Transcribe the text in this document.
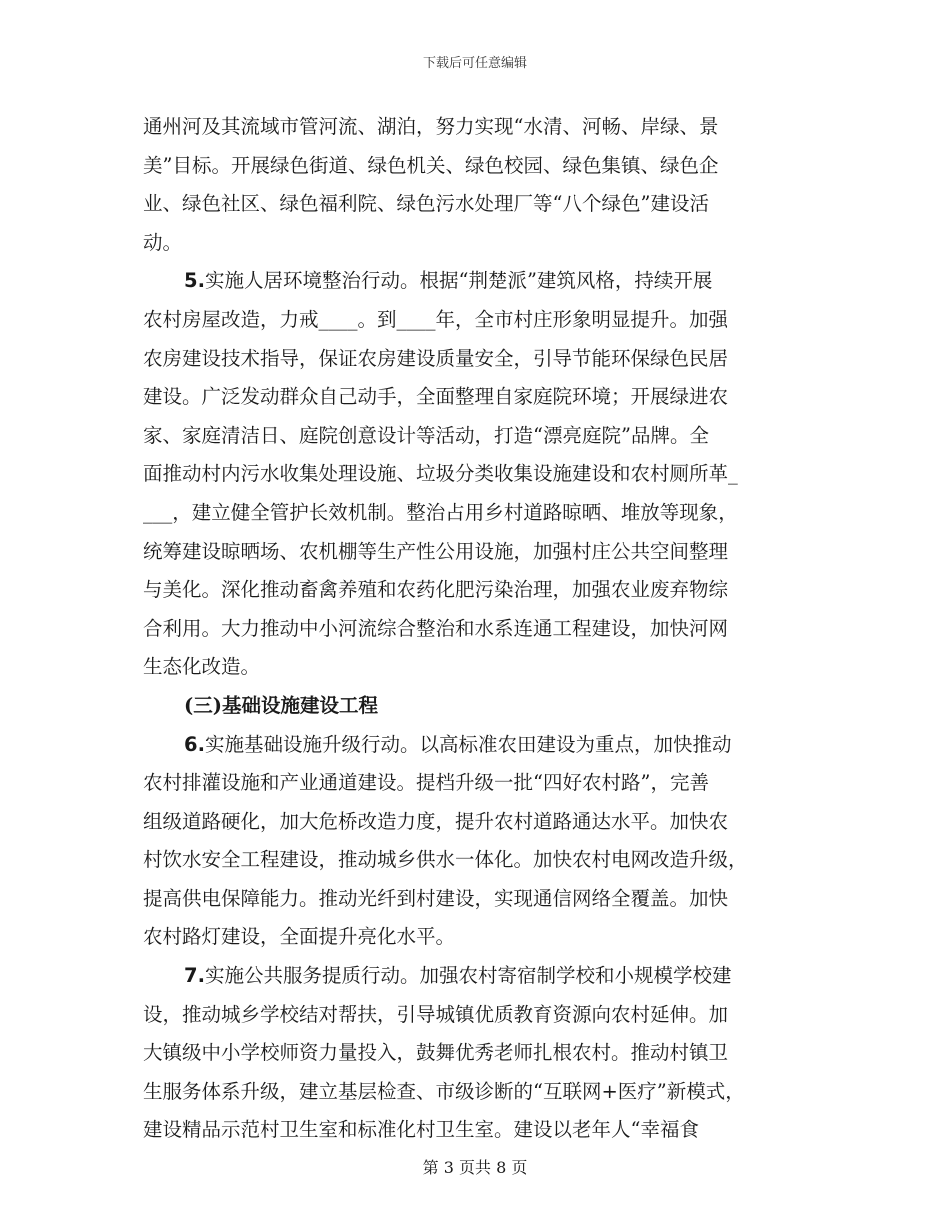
下载后可任意编辑
通州河及其流域市管河流、湖泊，努力实现“水清、河畅、岸绿、景
美”目标。开展绿色街道、绿色机关、绿色校园、绿色集镇、绿色企
业、绿色社区、绿色福利院、绿色污水处理厂等“八个绿色”建设活
动。
5.实施人居环境整治行动。根据“荆楚派”建筑风格，持续开展
农村房屋改造，力戒____。到____年，全市村庄形象明显提升。加强
农房建设技术指导，保证农房建设质量安全，引导节能环保绿色民居
建设。广泛发动群众自己动手，全面整理自家庭院环境；开展绿进农
家、家庭清洁日、庭院创意设计等活动，打造“漂亮庭院”品牌。全
面推动村内污水收集处理设施、垃圾分类收集设施建设和农村厕所革_
___，建立健全管护长效机制。整治占用乡村道路晾晒、堆放等现象，
统筹建设晾晒场、农机棚等生产性公用设施，加强村庄公共空间整理
与美化。深化推动畜禽养殖和农药化肥污染治理，加强农业废弃物综
合利用。大力推动中小河流综合整治和水系连通工程建设，加快河网
生态化改造。
(三)基础设施建设工程
6.实施基础设施升级行动。以高标准农田建设为重点，加快推动
农村排灌设施和产业通道建设。提档升级一批“四好农村路”，完善
组级道路硬化，加大危桥改造力度，提升农村道路通达水平。加快农
村饮水安全工程建设，推动城乡供水一体化。加快农村电网改造升级，
提高供电保障能力。推动光纤到村建设，实现通信网络全覆盖。加快
农村路灯建设，全面提升亮化水平。
7.实施公共服务提质行动。加强农村寄宿制学校和小规模学校建
设，推动城乡学校结对帮扶，引导城镇优质教育资源向农村延伸。加
大镇级中小学校师资力量投入，鼓舞优秀老师扎根农村。推动村镇卫
生服务体系升级，建立基层检查、市级诊断的“互联网+医疗”新模式，
建设精品示范村卫生室和标准化村卫生室。建设以老年人“幸福食
第 3 页共 8 页
